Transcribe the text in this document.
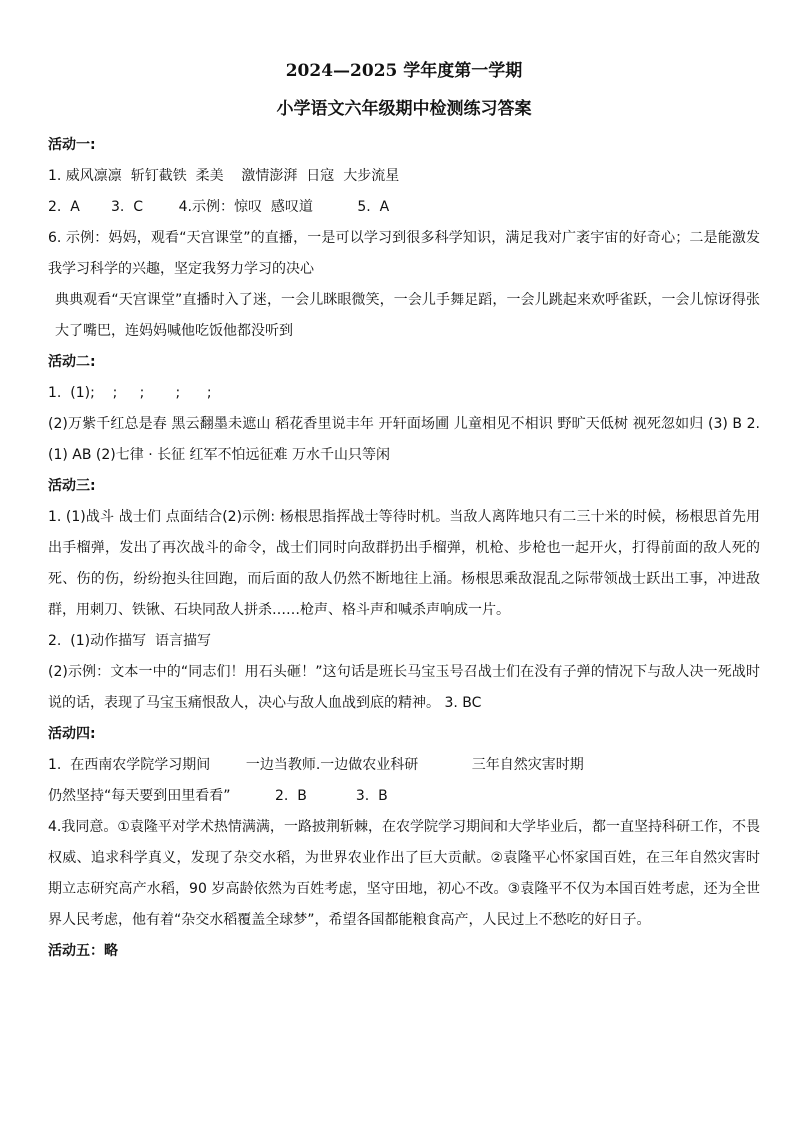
2024—2025 学年度第一学期

小学语文六年级期中检测练习答案

活动一:

1. 威风凛凛  斩钉截铁  柔美    激情澎湃  日寇  大步流星

2.  A       3.  C        4.示例：惊叹  感叹道          5.  A

6. 示例：妈妈，观看“天宫课堂”的直播，一是可以学习到很多科学知识，满足我对广袤宇宙的好奇心；二是能激发我学习科学的兴趣，坚定我努力学习的决心

典典观看“天宫课堂”直播时入了迷，一会儿眯眼微笑，一会儿手舞足蹈，一会儿跳起来欢呼雀跃，一会儿惊讶得张大了嘴巴，连妈妈喊他吃饭他都没听到

活动二:

1.  (1);    ;     ;       ;      ;

(2)万紫千红总是春 黑云翻墨未遮山 稻花香里说丰年 开轩面场圃 儿童相见不相识 野旷天低树 视死忽如归 (3) B 2. (1) AB (2)七律 · 长征 红军不怕远征难 万水千山只等闲

活动三:

1. (1)战斗 战士们 点面结合(2)示例: 杨根思指挥战士等待时机。当敌人离阵地只有二三十米的时候，杨根思首先用出手榴弹，发出了再次战斗的命令，战士们同时向敌群扔出手榴弹，机枪、步枪也一起开火，打得前面的敌人死的死、伤的伤，纷纷抱头往回跑，而后面的敌人仍然不断地往上涌。杨根思乘敌混乱之际带领战士跃出工事，冲进敌群，用刺刀、铁锹、石块同敌人拼杀……枪声、格斗声和喊杀声响成一片。

2.  (1)动作描写  语言描写

(2)示例：文本一中的“同志们！用石头砸！”这句话是班长马宝玉号召战士们在没有子弹的情况下与敌人决一死战时说的话，表现了马宝玉痛恨敌人，决心与敌人血战到底的精神。 3. BC

活动四:

1.  在西南农学院学习期间        一边当教师.一边做农业科研            三年自然灾害时期

仍然坚持“每天要到田里看看”          2.  B           3.  B

4.我同意。①袁隆平对学术热情满满，一路披荆斩棘，在农学院学习期间和大学毕业后，都一直坚持科研工作，不畏权威、追求科学真义，发现了杂交水稻，为世界农业作出了巨大贡献。②袁隆平心怀家国百姓，在三年自然灾害时期立志研究高产水稻，90 岁高龄依然为百姓考虑，坚守田地，初心不改。③袁隆平不仅为本国百姓考虑，还为全世界人民考虑，他有着“杂交水稻覆盖全球梦”，希望各国都能粮食高产，人民过上不愁吃的好日子。

活动五：略
